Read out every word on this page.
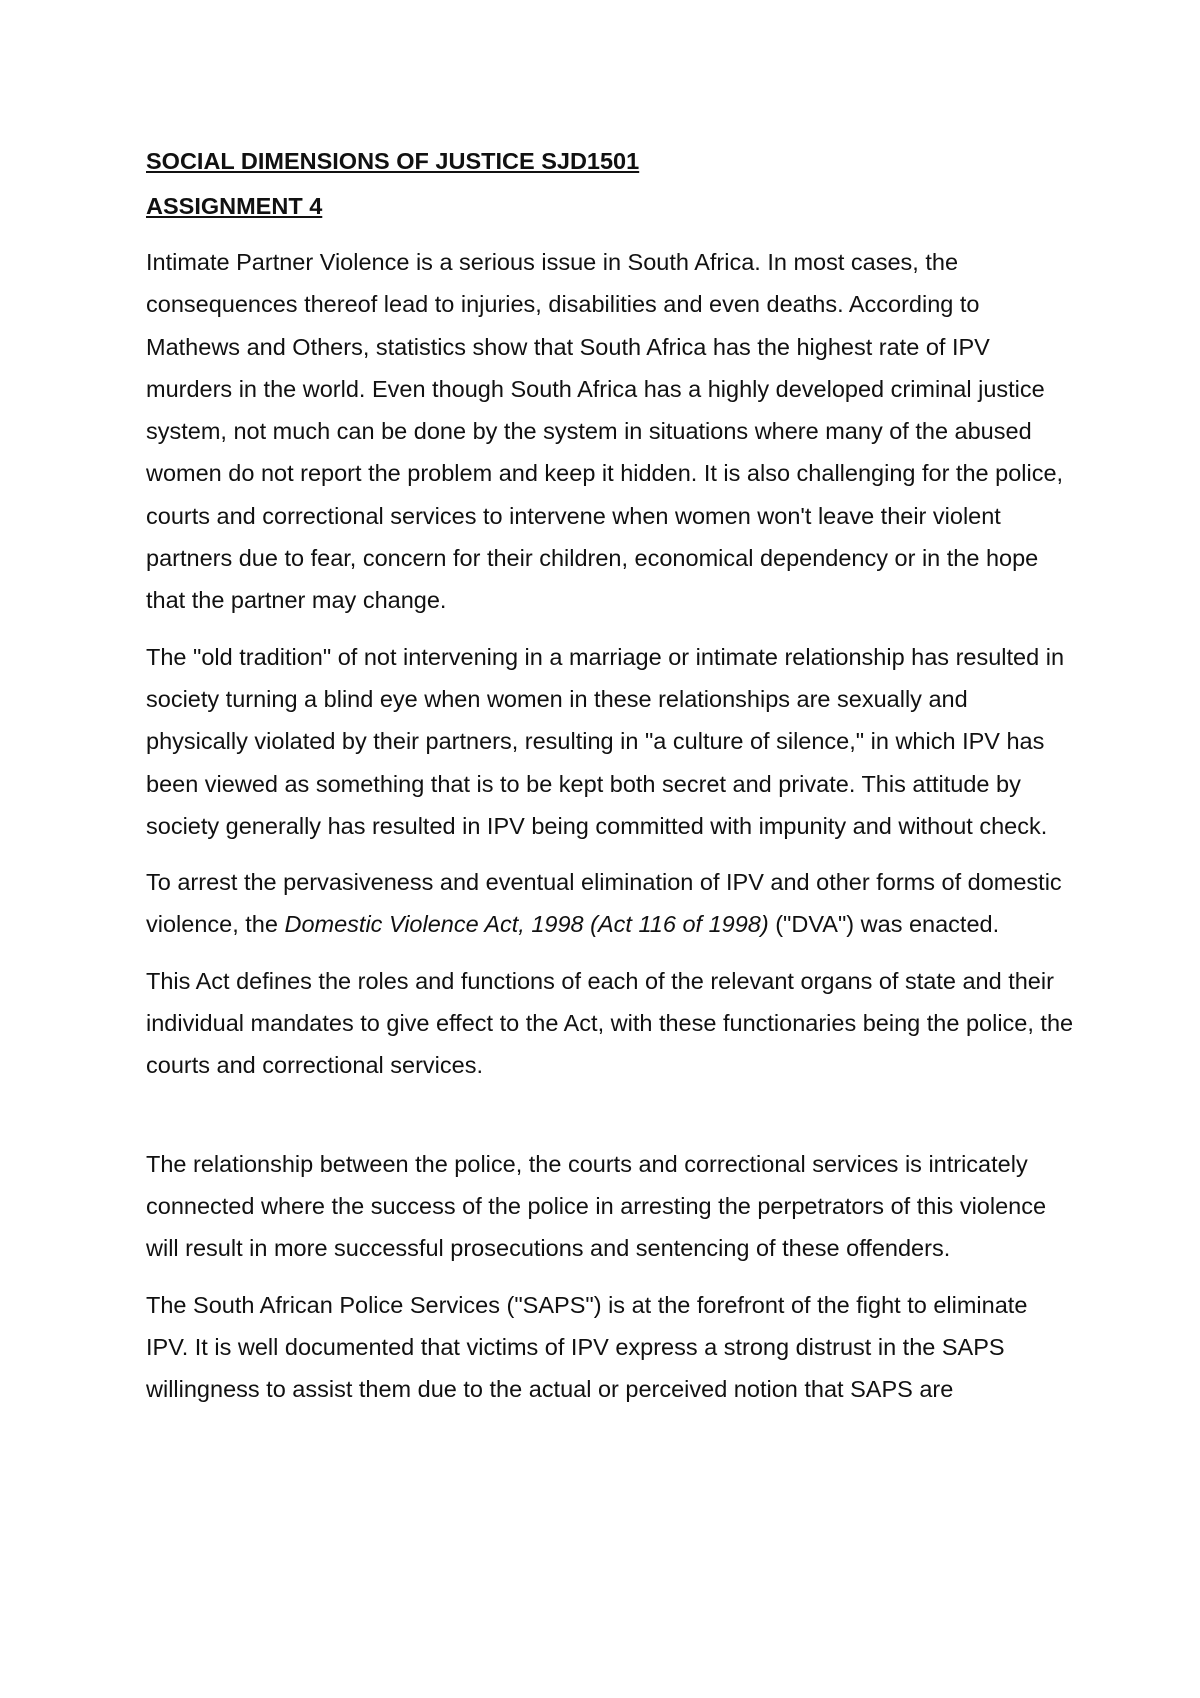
SOCIAL DIMENSIONS OF JUSTICE SJD1501
ASSIGNMENT 4

Intimate Partner Violence is a serious issue in South Africa. In most cases, the consequences thereof lead to injuries, disabilities and even deaths. According to Mathews and Others, statistics show that South Africa has the highest rate of IPV murders in the world. Even though South Africa has a highly developed criminal justice system, not much can be done by the system in situations where many of the abused women do not report the problem and keep it hidden. It is also challenging for the police, courts and correctional services to intervene when women won't leave their violent partners due to fear, concern for their children, economical dependency or in the hope that the partner may change.

The "old tradition" of not intervening in a marriage or intimate relationship has resulted in society turning a blind eye when women in these relationships are sexually and physically violated by their partners, resulting in "a culture of silence," in which IPV has been viewed as something that is to be kept both secret and private. This attitude by society generally has resulted in IPV being committed with impunity and without check.

To arrest the pervasiveness and eventual elimination of IPV and other forms of domestic violence, the Domestic Violence Act, 1998 (Act 116 of 1998) ("DVA") was enacted.

This Act defines the roles and functions of each of the relevant organs of state and their individual mandates to give effect to the Act, with these functionaries being the police, the courts and correctional services.

The relationship between the police, the courts and correctional services is intricately connected where the success of the police in arresting the perpetrators of this violence will result in more successful prosecutions and sentencing of these offenders.

The South African Police Services ("SAPS") is at the forefront of the fight to eliminate IPV. It is well documented that victims of IPV express a strong distrust in the SAPS willingness to assist them due to the actual or perceived notion that SAPS are
